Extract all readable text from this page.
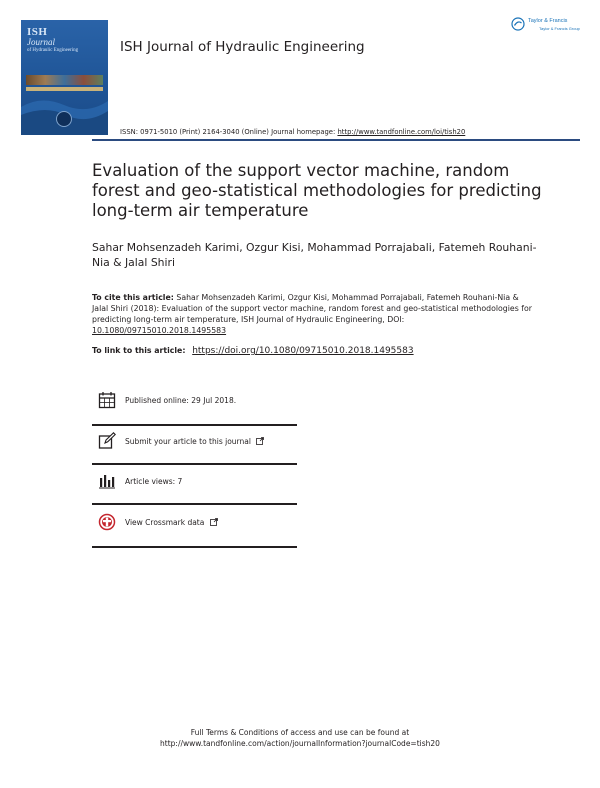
ISH
Journal
of Hydraulic Engineering	ISH Journal of Hydraulic Engineering
Taylor & Francis
Taylor & Francis Group
ISSN: 0971-5010 (Print) 2164-3040 (Online) Journal homepage: http://www.tandfonline.com/loi/tish20
Evaluation of the support vector machine, random forest and geo-statistical methodologies for predicting long-term air temperature
Sahar Mohsenzadeh Karimi, Ozgur Kisi, Mohammad Porrajabali, Fatemeh Rouhani-Nia & Jalal Shiri
To cite this article: Sahar Mohsenzadeh Karimi, Ozgur Kisi, Mohammad Porrajabali, Fatemeh Rouhani-Nia & Jalal Shiri (2018): Evaluation of the support vector machine, random forest and geo-statistical methodologies for predicting long-term air temperature, ISH Journal of Hydraulic Engineering, DOI: 10.1080/09715010.2018.1495583
To link to this article: https://doi.org/10.1080/09715010.2018.1495583
Published online: 29 Jul 2018.
Submit your article to this journal
Article views: 7
View Crossmark data
Full Terms & Conditions of access and use can be found at
http://www.tandfonline.com/action/journalInformation?journalCode=tish20
